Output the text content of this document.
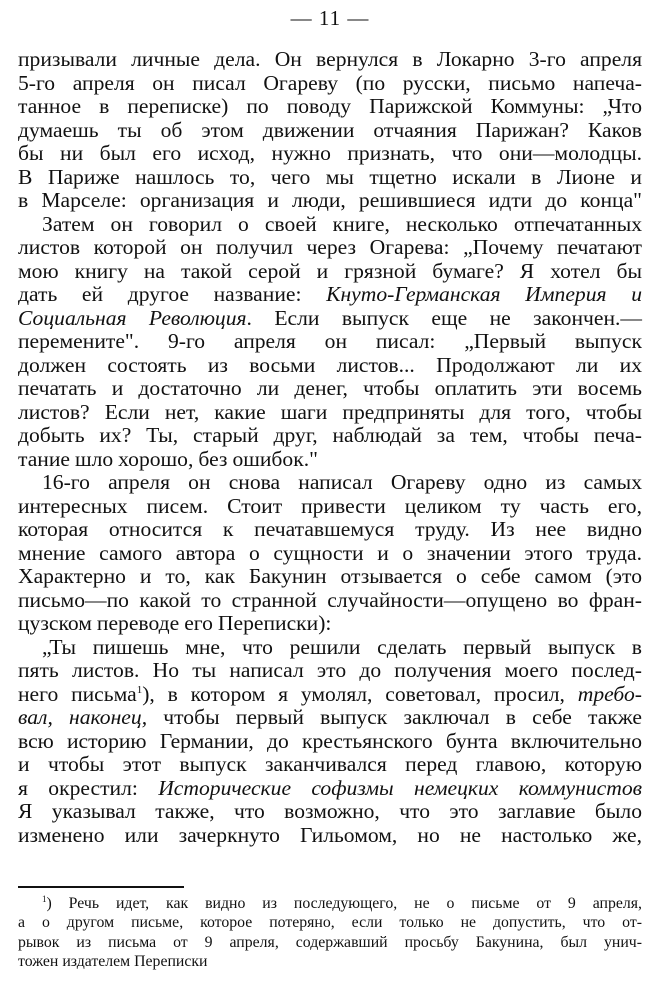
— 11 —
призывали личные дела. Он вернулся в Локарно 3-го апреля
5-го апреля он писал Огареву (по русски, письмо напеча-
танное в переписке) по поводу Парижской Коммуны: „Что
думаешь ты об этом движении отчаяния Парижан? Каков
бы ни был его исход, нужно признать, что они—молодцы.
В Париже нашлось то, чего мы тщетно искали в Лионе и
в Марселе: организация и люди, решившиеся идти до конца"
Затем он говорил о своей книге, несколько отпечатанных
листов которой он получил через Огарева: „Почему печатают
мою книгу на такой серой и грязной бумаге? Я хотел бы
дать ей другое название: Кнуто-Германская Империя и
Социальная Революция. Если выпуск еще не закончен.—
перемените". 9-го апреля он писал: „Первый выпуск
должен состоять из восьми листов... Продолжают ли их
печатать и достаточно ли денег, чтобы оплатить эти восемь
листов? Если нет, какие шаги предприняты для того, чтобы
добыть их? Ты, старый друг, наблюдай за тем, чтобы печа-
тание шло хорошо, без ошибок."
16-го апреля он снова написал Огареву одно из самых
интересных писем. Стоит привести целиком ту часть его,
которая относится к печатавшемуся труду. Из нее видно
мнение самого автора о сущности и о значении этого труда.
Характерно и то, как Бакунин отзывается о себе самом (это
письмо—по какой то странной случайности—опущено во фран-
цузском переводе его Переписки):
„Ты пишешь мне, что решили сделать первый выпуск в
пять листов. Но ты написал это до получения моего послед-
него письма$^1$), в котором я умолял, советовал, просил, требо-
вал, наконец, чтобы первый выпуск заключал в себе также
всю историю Германии, до крестьянского бунта включительно
и чтобы этот выпуск заканчивался перед главою, которую
я окрестил: Исторические софизмы немецких коммунистов
Я указывал также, что возможно, что это заглавие было
изменено или зачеркнуто Гильомом, но не настолько же,
$^1$) Речь идет, как видно из последующего, не о письме от 9 апреля,
а о другом письме, которое потеряно, если только не допустить, что от-
рывок из письма от 9 апреля, содержавший просьбу Бакунина, был унич-
тожен издателем Переписки
